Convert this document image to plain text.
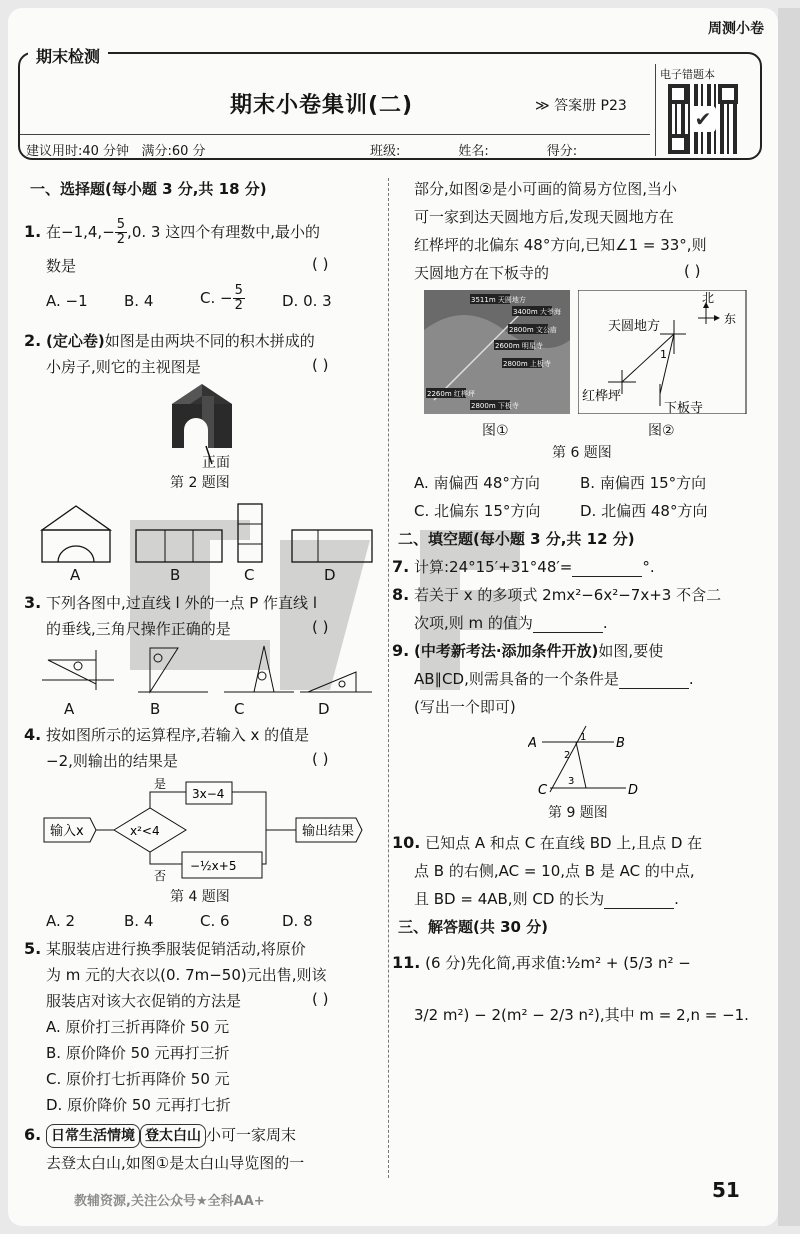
周测小卷
期末检测
期末小卷集训(二)	≫ 答案册 P23
建议用时:40 分钟 满分:60 分	班级:	姓名:	得分:
电子错题本
✔
一、选择题(每小题 3 分,共 18 分)
1. 在$-1,4,- \frac{5}{2} ,0$. 3 这四个有理数中,最小的
数是	( )
A. −1 B. 4	C. − $\frac{5}{2} D$. 0. 3
2. (定心卷)如图是由两块不同的积木拼成的
小房子,则它的主视图是	( )
正面
第 2 题图
A	B	C	D
3. 下列各图中,过直线 l 外的一点 P 作直线 l
的垂线,三角尺操作正确的是	( )
A	B	C	D
4. 按如图所示的运算程序,若输入 x 的值是
−2,则输出的结果是	( )
输入x	x²<4
是
3x−4
否
−½x+5
输出结果
第 4 题图
A. 2	B. 4	C. 6	D. 8
5. 某服装店进行换季服装促销活动,将原价
为 m 元的大衣以(0. 7m−50)元出售,则该
服装店对该大衣促销的方法是	( )
A. 原价打三折再降价 50 元
B. 原价降价 50 元再打三折
C. 原价打七折再降价 50 元
D. 原价降价 50 元再打七折
6. 日常生活情境 登太白山 小可一家周末
去登太白山,如图①是太白山导览图的一
部分,如图②是小可画的简易方位图,当小
可一家到达天圆地方后,发现天圆地方在
红桦坪的北偏东 48°方向,已知∠1 = 33°,则
天圆地方在下板寺的	( )
3511m 天圆地方
3400m 大爷海
2800m 文公庙
2600m 明星寺
2800m 上板寺
2260m 红桦坪
2800m 下板寺
天圆地方
北
东
1
红桦坪
下板寺
图①	图②
第 6 题图
A. 南偏西 48°方向	B. 南偏西 15°方向
C. 北偏东 15°方向	D. 北偏西 48°方向
二、填空题(每小题 3 分,共 12 分)
7. 计算:24°15′+31°48′=	°.
8. 若关于 x 的多项式 2mx²−6x²−7x+3 不含二
次项,则 m 的值为	.
9. (中考新考法·添加条件开放)如图,要使
AB∥CD,则需具备的一个条件是	.
(写出一个即可)
A	B
C	D
1
2
3
第 9 题图
10. 已知点 A 和点 C 在直线 BD 上,且点 D 在
点 B 的右侧,AC = 10,点 B 是 AC 的中点,
且 BD = 4AB,则 CD 的长为	.
三、解答题(共 30 分)
11. (6 分)先化简,再求值:½m² + (5/3 n² −
3/2 m²) − 2(m² − 2/3 n²),其中 m = 2,n = −1.
教辅资源,关注公众号★全科AA+	51
